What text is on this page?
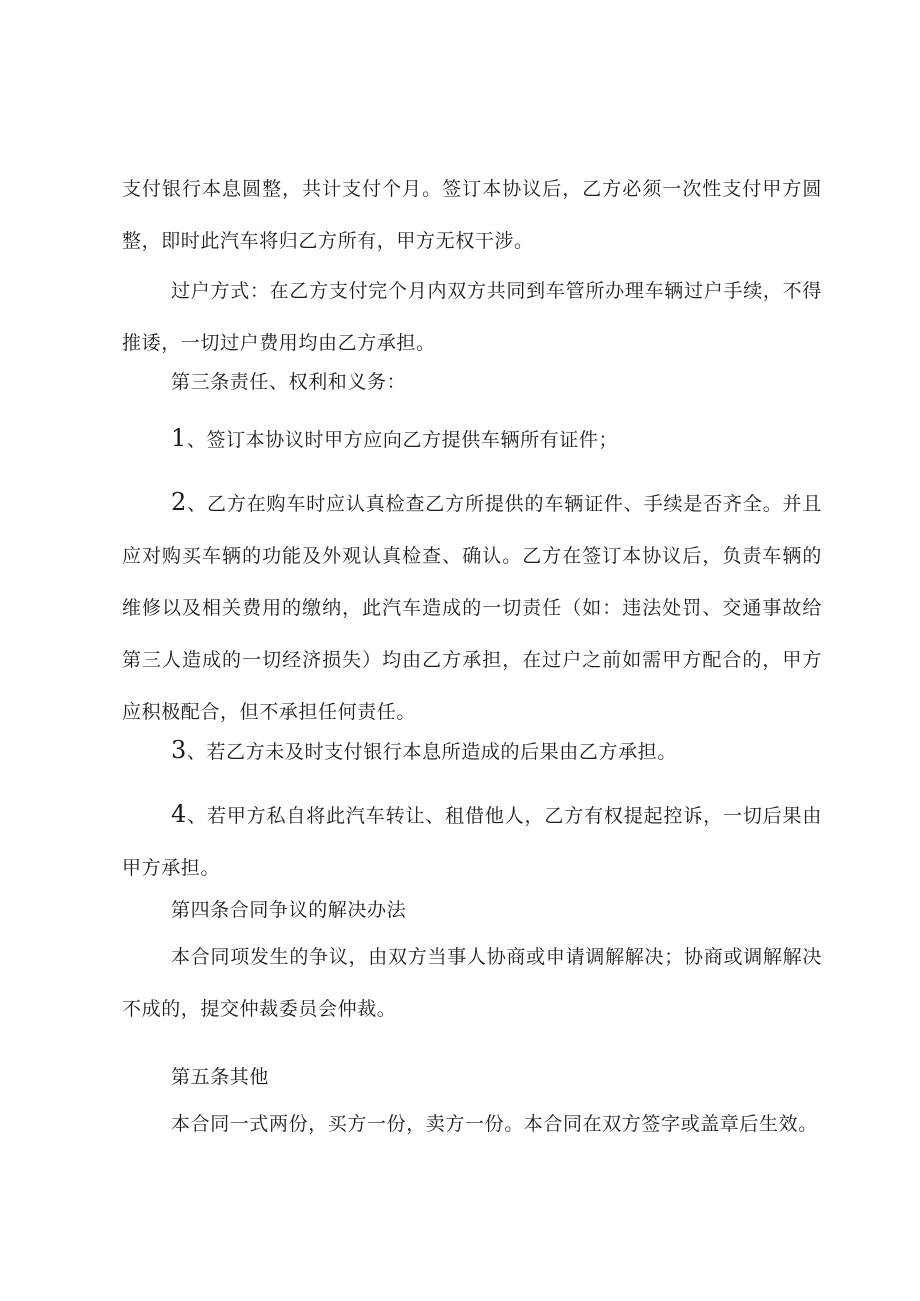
支付银行本息圆整，共计支付个月。签订本协议后，乙方必须一次性支付甲方圆整，即时此汽车将归乙方所有，甲方无权干涉。

过户方式：在乙方支付完个月内双方共同到车管所办理车辆过户手续，不得推诿，一切过户费用均由乙方承担。

第三条责任、权利和义务：

1、签订本协议时甲方应向乙方提供车辆所有证件；

2、乙方在购车时应认真检查乙方所提供的车辆证件、手续是否齐全。并且应对购买车辆的功能及外观认真检查、确认。乙方在签订本协议后，负责车辆的维修以及相关费用的缴纳，此汽车造成的一切责任（如：违法处罚、交通事故给第三人造成的一切经济损失）均由乙方承担，在过户之前如需甲方配合的，甲方应积极配合，但不承担任何责任。

3、若乙方未及时支付银行本息所造成的后果由乙方承担。

4、若甲方私自将此汽车转让、租借他人，乙方有权提起控诉，一切后果由甲方承担。

第四条合同争议的解决办法

本合同项发生的争议，由双方当事人协商或申请调解解决；协商或调解解决不成的，提交仲裁委员会仲裁。

第五条其他

本合同一式两份，买方一份，卖方一份。本合同在双方签字或盖章后生效。
